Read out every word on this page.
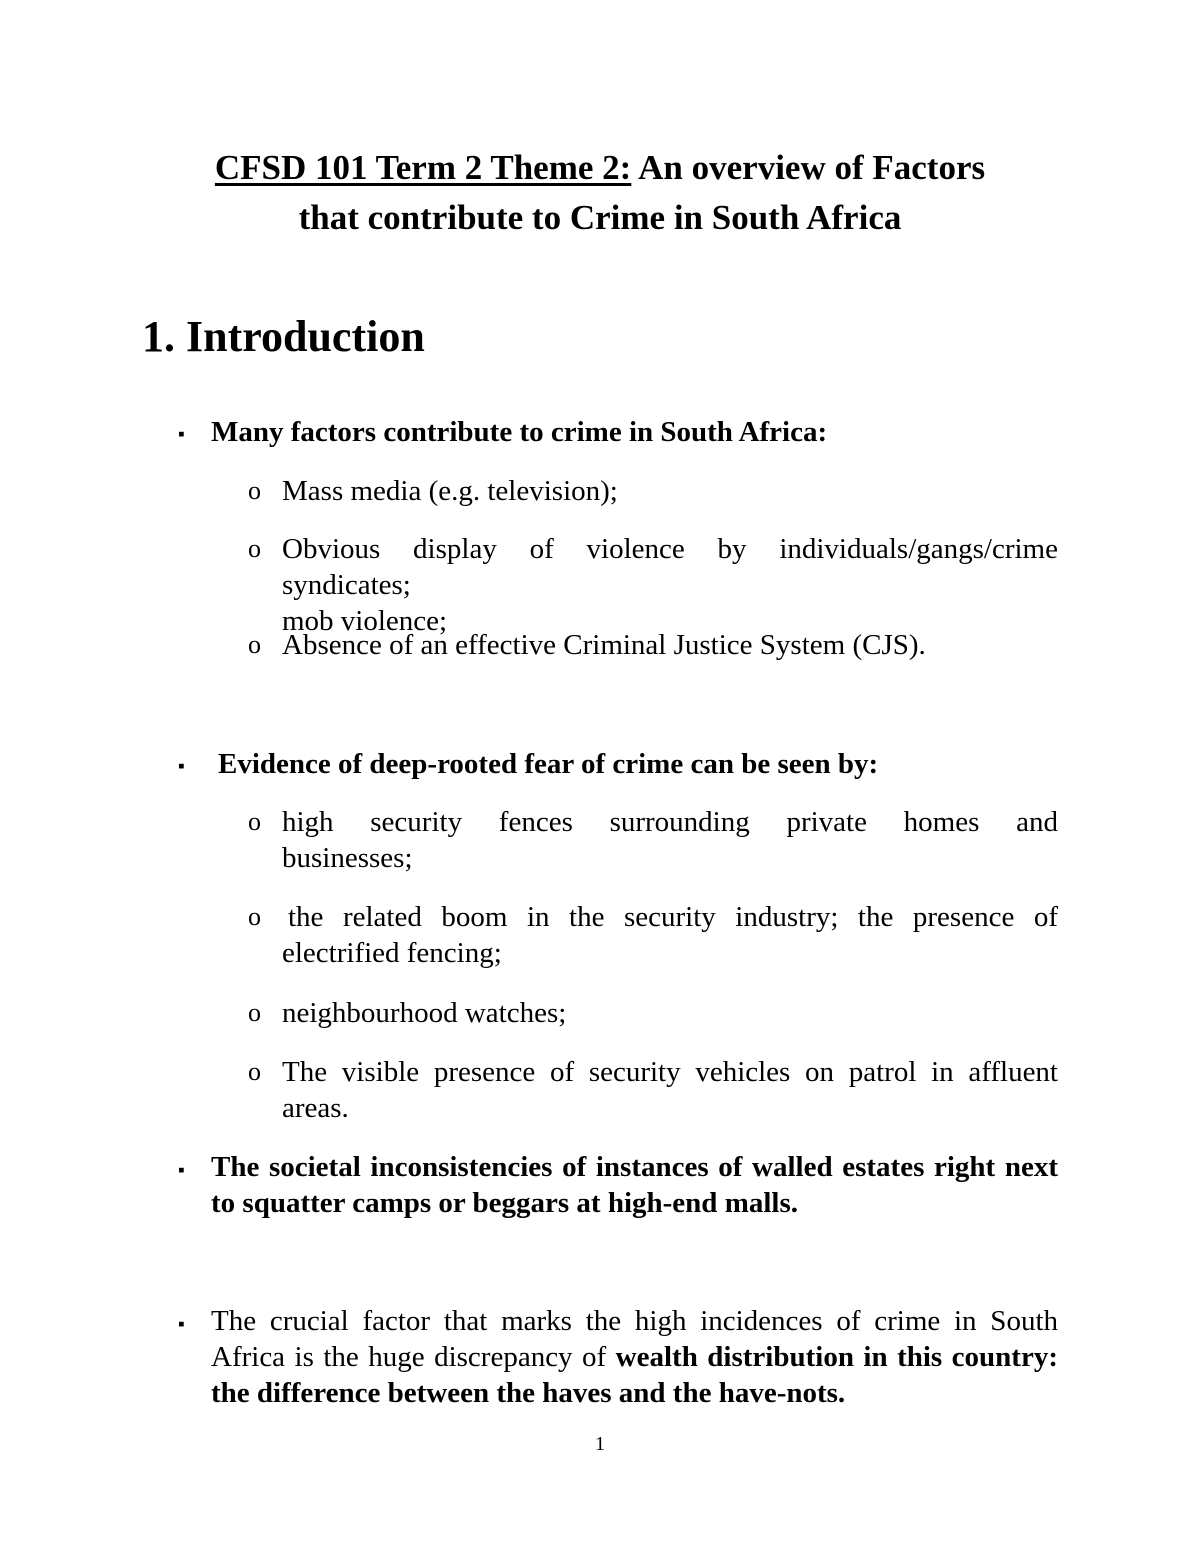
CFSD 101 Term 2 Theme 2: An overview of Factors
that contribute to Crime in South Africa
1. Introduction
▪ Many factors contribute to crime in South Africa:
o Mass media (e.g. television);
o Obvious display of violence by individuals/gangs/crime syndicates;
mob violence;
o Absence of an effective Criminal Justice System (CJS).
▪ Evidence of deep-rooted fear of crime can be seen by:
o high security fences surrounding private homes and
businesses;
o the related boom in the security industry; the presence of
electrified fencing;
o neighbourhood watches;
o The visible presence of security vehicles on patrol in affluent
areas.
▪ The societal inconsistencies of instances of walled estates right next
to squatter camps or beggars at high-end malls.
▪ The crucial factor that marks the high incidences of crime in South Africa is the huge discrepancy of wealth distribution in this country: the difference between the haves and the have-nots.
1
